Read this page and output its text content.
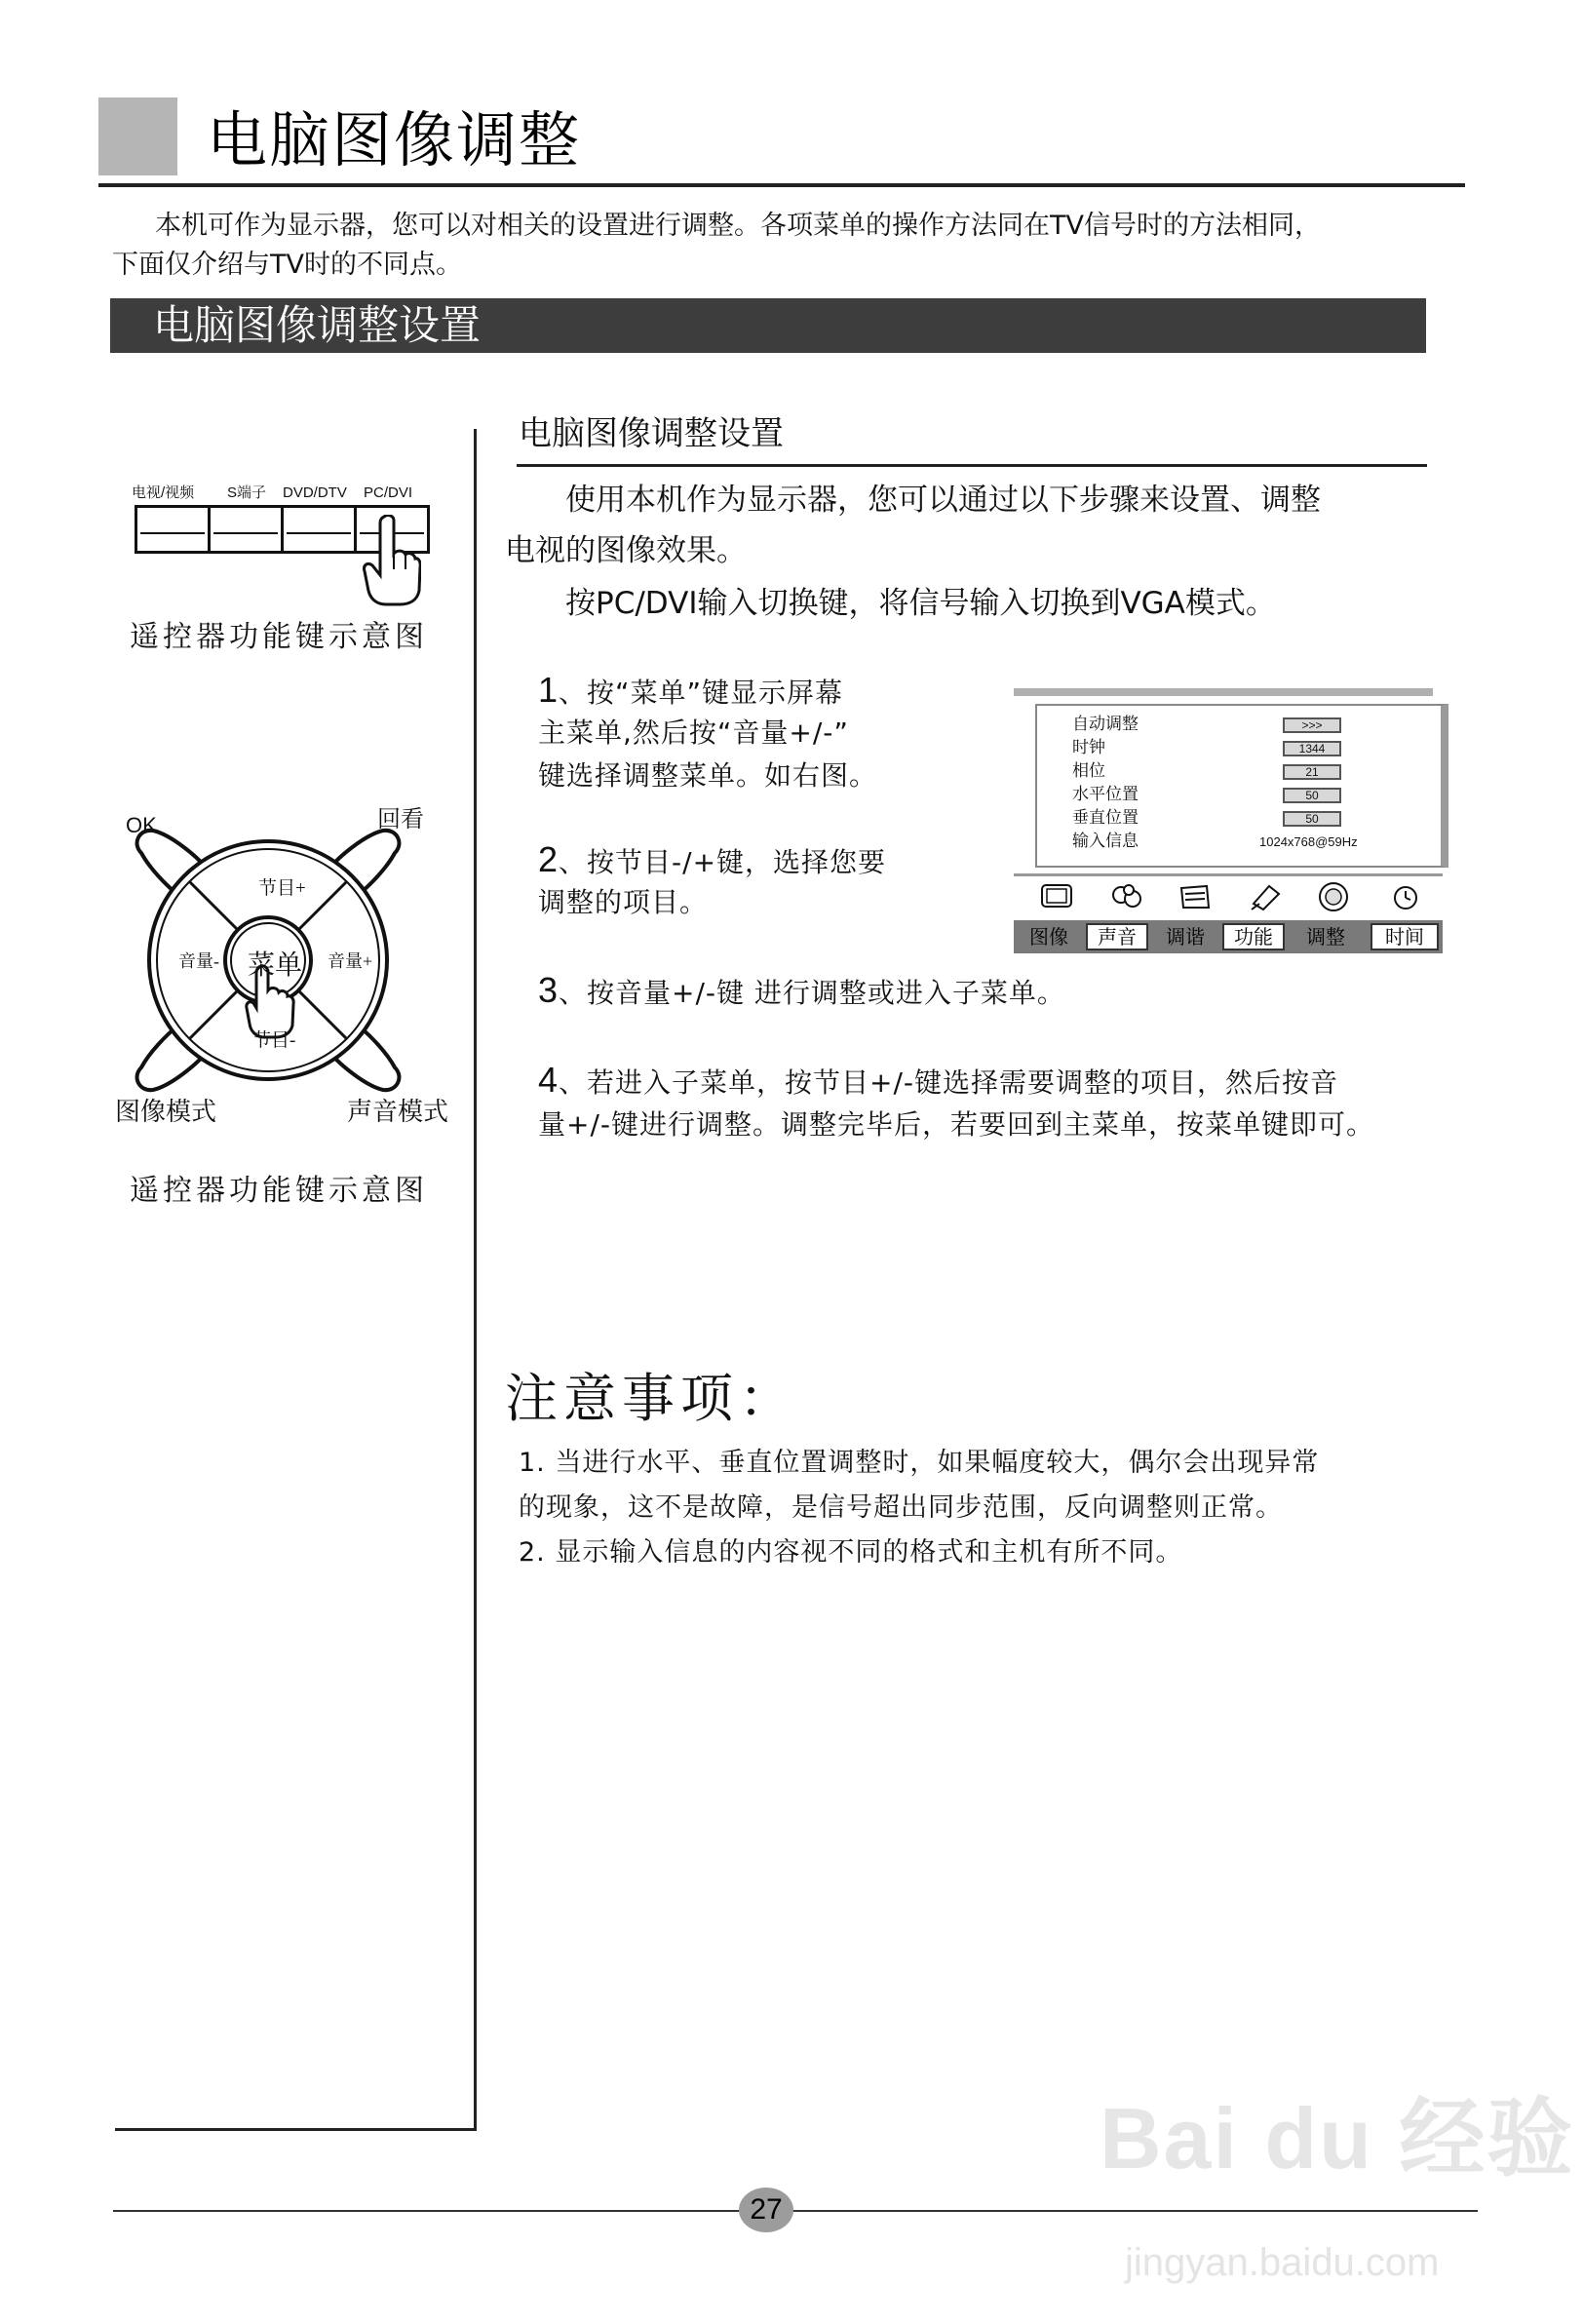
电脑图像调整
本机可作为显示器，您可以对相关的设置进行调整。各项菜单的操作方法同在TV信号时的方法相同，
下面仅介绍与TV时的不同点。
电脑图像调整设置
电视/视频 S端子 DVD/DTV PC/DVI
遥控器功能键示意图
OK	回看
节目+
节目-
音量-	音量+
菜单
图像模式	声音模式
遥控器功能键示意图
电脑图像调整设置
使用本机作为显示器，您可以通过以下步骤来设置、调整
电视的图像效果。
按PC/DVI输入切换键，将信号输入切换到VGA模式。
1、按“菜单”键显示屏幕
主菜单,然后按“音量+/-”
键选择调整菜单。如右图。
2、按节目-/+键，选择您要
调整的项目。
3、按音量+/-键 进行调整或进入子菜单。
4、若进入子菜单，按节目+/-键选择需要调整的项目，然后按音
量+/-键进行调整。调整完毕后，若要回到主菜单，按菜单键即可。
自动调整	>>>
时钟	1344
相位	21
水平位置	50
垂直位置	50
输入信息	1024x768@59Hz
图像	声音	调谐	功能	调整	时间
注意事项：
1. 当进行水平、垂直位置调整时，如果幅度较大，偶尔会出现异常
的现象，这不是故障，是信号超出同步范围，反向调整则正常。
2. 显示输入信息的内容视不同的格式和主机有所不同。
27
Bai du 经验
jingyan.baidu.com
